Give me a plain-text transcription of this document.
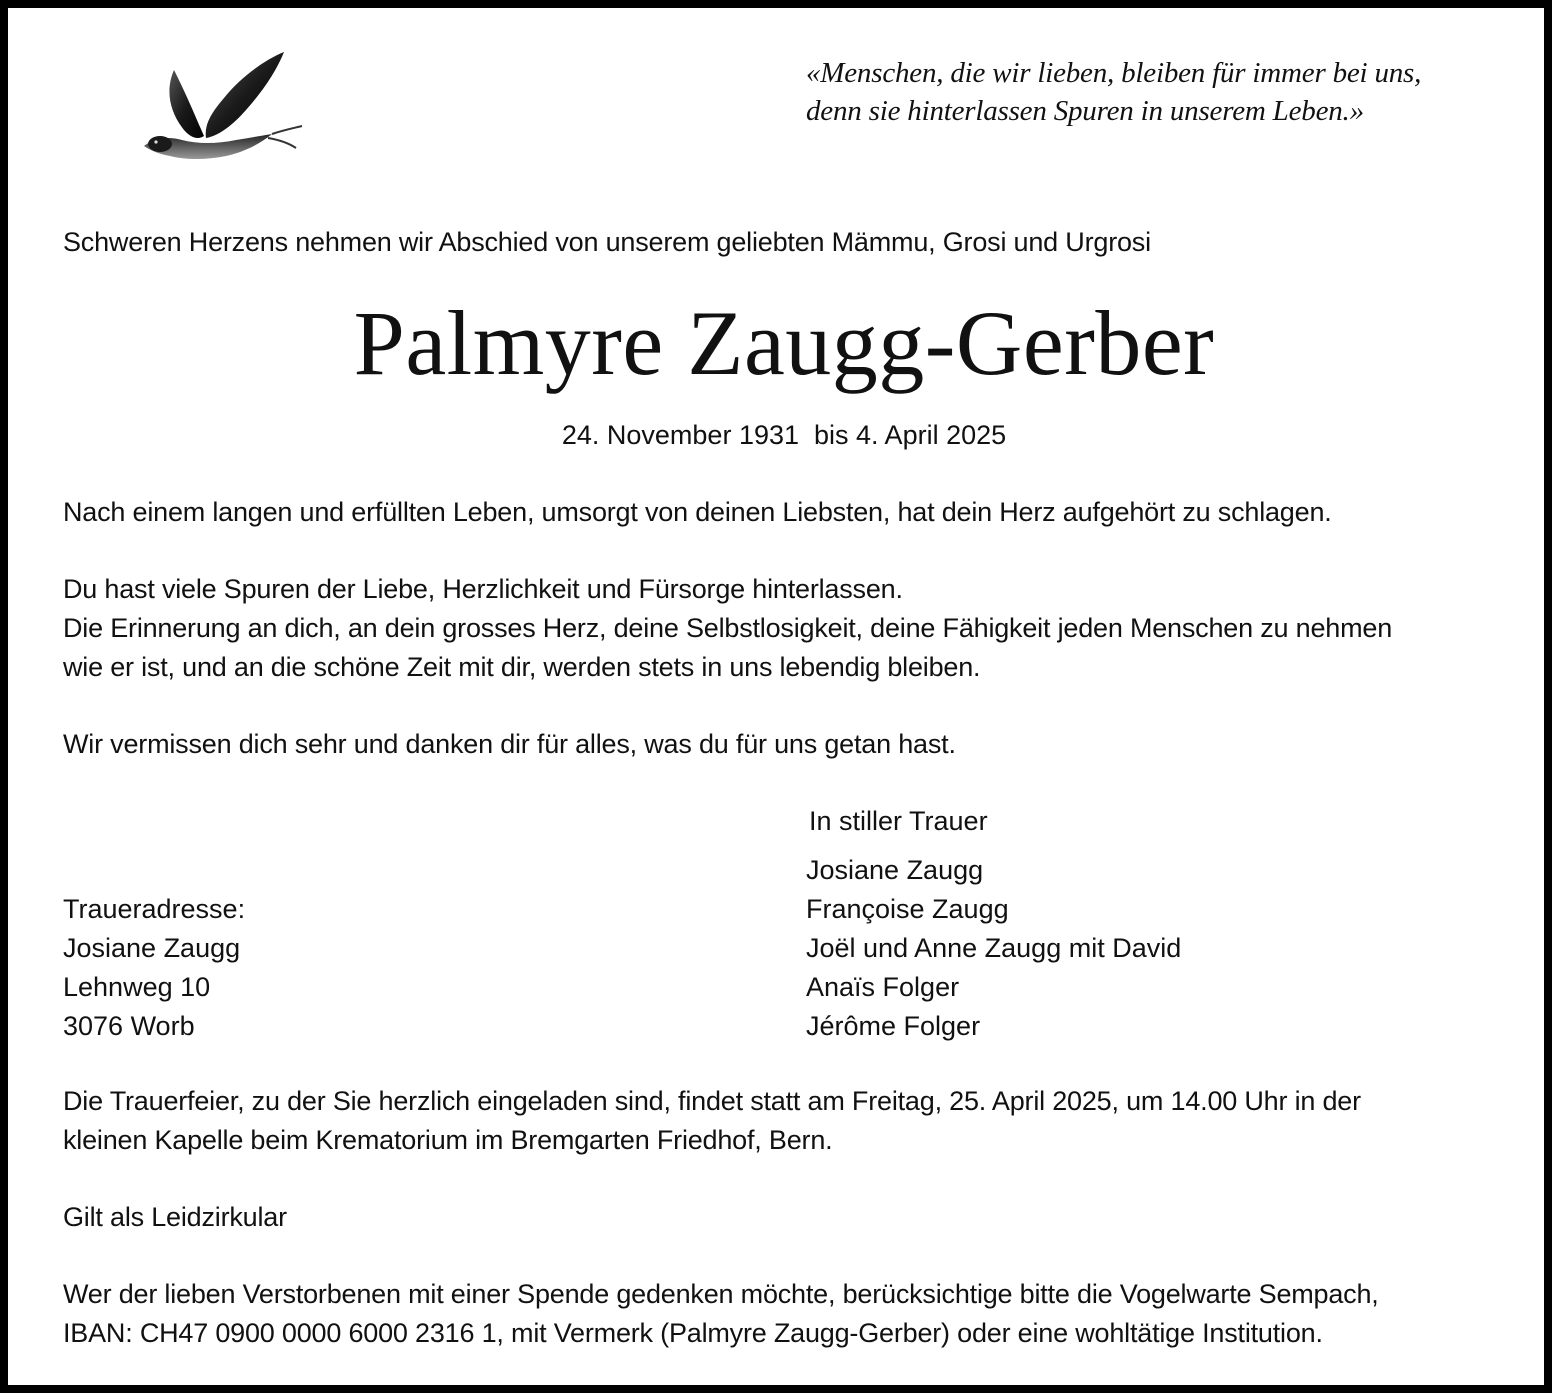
«Menschen, die wir lieben, bleiben für immer bei uns,
denn sie hinterlassen Spuren in unserem Leben.»
Schweren Herzens nehmen wir Abschied von unserem geliebten Mämmu, Grosi und Urgrosi
Palmyre Zaugg-Gerber
24. November 1931  bis 4. April 2025
Nach einem langen und erfüllten Leben, umsorgt von deinen Liebsten, hat dein Herz aufgehört zu schlagen.
Du hast viele Spuren der Liebe, Herzlichkeit und Fürsorge hinterlassen.
Die Erinnerung an dich, an dein grosses Herz, deine Selbstlosigkeit, deine Fähigkeit jeden Menschen zu nehmen
wie er ist, und an die schöne Zeit mit dir, werden stets in uns lebendig bleiben.
Wir vermissen dich sehr und danken dir für alles, was du für uns getan hast.
In stiller Trauer
Josiane Zaugg
Françoise Zaugg
Joël und Anne Zaugg mit David
Anaïs Folger
Jérôme Folger
Traueradresse:
Josiane Zaugg
Lehnweg 10
3076 Worb
Die Trauerfeier, zu der Sie herzlich eingeladen sind, findet statt am Freitag, 25. April 2025, um 14.00 Uhr in der
kleinen Kapelle beim Krematorium im Bremgarten Friedhof, Bern.
Gilt als Leidzirkular
Wer der lieben Verstorbenen mit einer Spende gedenken möchte, berücksichtige bitte die Vogelwarte Sempach,
IBAN: CH47 0900 0000 6000 2316 1, mit Vermerk (Palmyre Zaugg-Gerber) oder eine wohltätige Institution.
